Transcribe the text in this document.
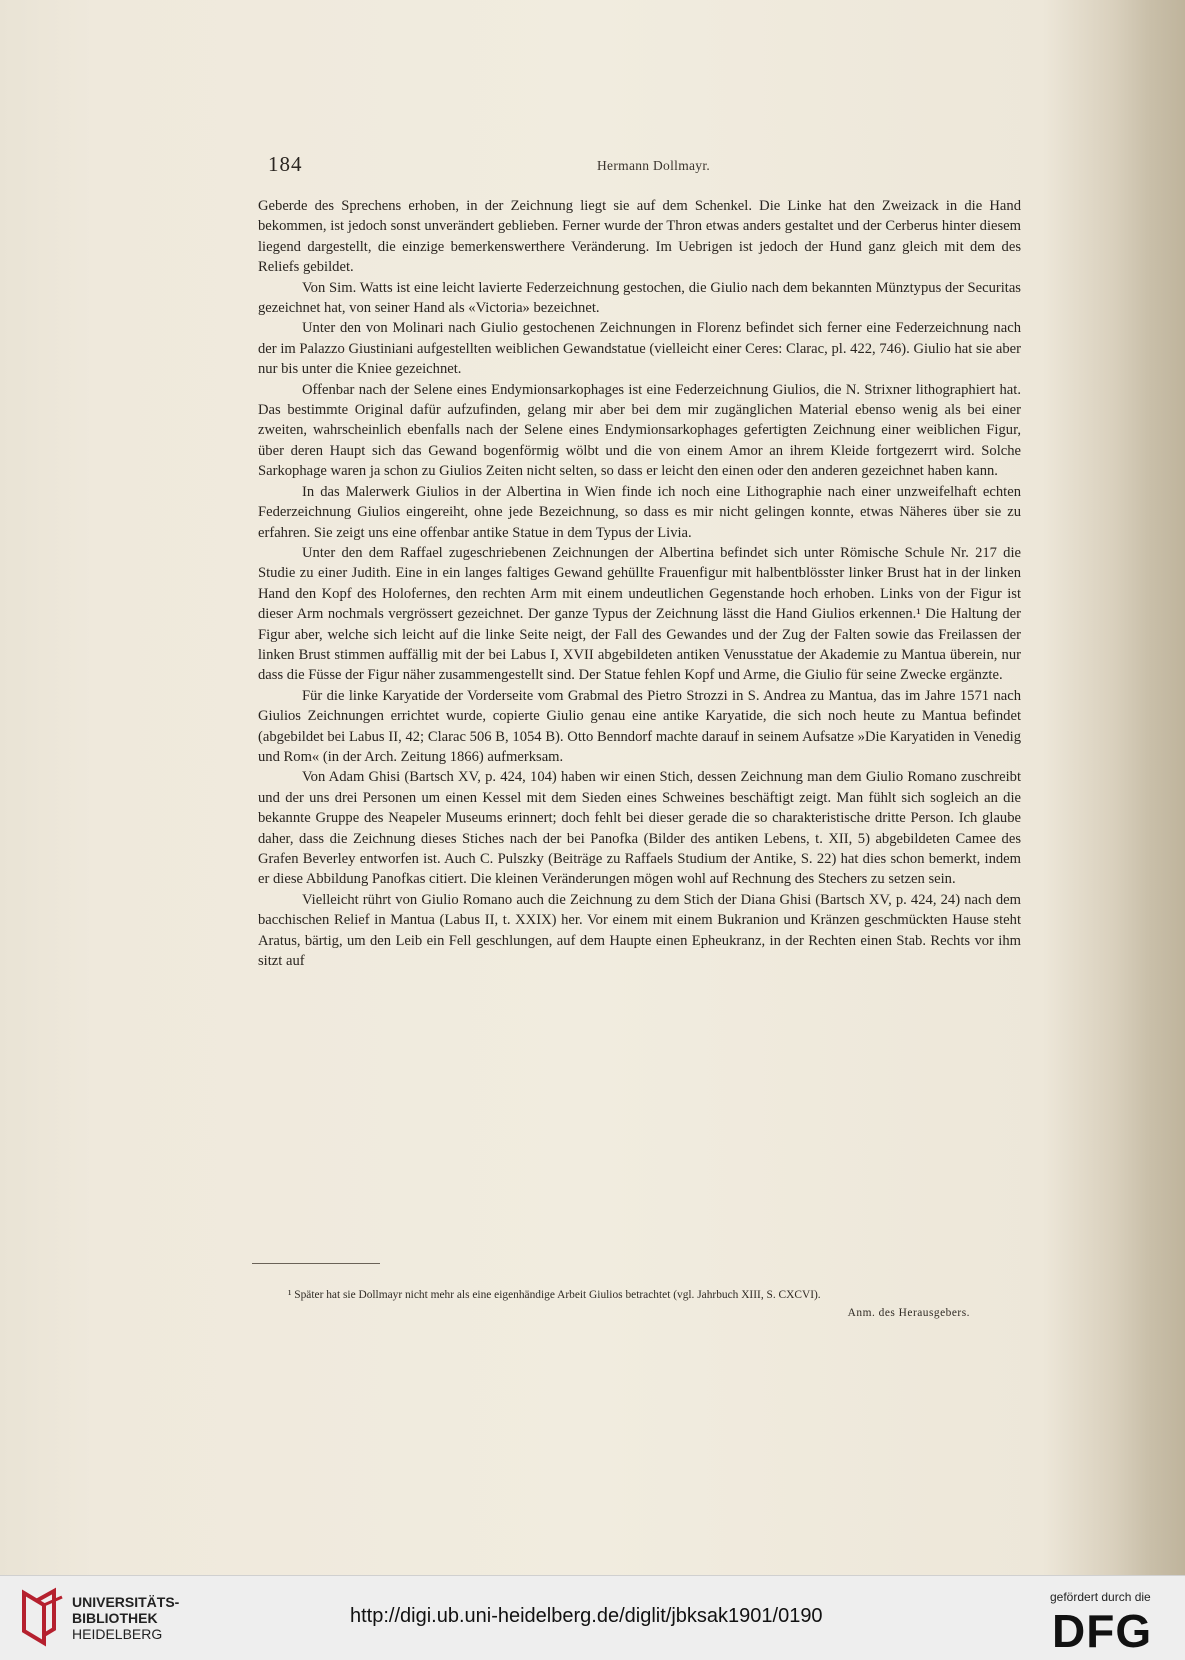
184	Hermann Dollmayr.

Geberde des Sprechens erhoben, in der Zeichnung liegt sie auf dem Schenkel. Die Linke hat den Zweizack in die Hand bekommen, ist jedoch sonst unverändert geblieben. Ferner wurde der Thron etwas anders gestaltet und der Cerberus hinter diesem liegend dargestellt, die einzige bemerkenswerthere Veränderung. Im Uebrigen ist jedoch der Hund ganz gleich mit dem des Reliefs gebildet.

Von Sim. Watts ist eine leicht lavierte Federzeichnung gestochen, die Giulio nach dem bekannten Münztypus der Securitas gezeichnet hat, von seiner Hand als «Victoria» bezeichnet.

Unter den von Molinari nach Giulio gestochenen Zeichnungen in Florenz befindet sich ferner eine Federzeichnung nach der im Palazzo Giustiniani aufgestellten weiblichen Gewandstatue (vielleicht einer Ceres: Clarac, pl. 422, 746). Giulio hat sie aber nur bis unter die Kniee gezeichnet.

Offenbar nach der Selene eines Endymionsarkophages ist eine Federzeichnung Giulios, die N. Strixner lithographiert hat. Das bestimmte Original dafür aufzufinden, gelang mir aber bei dem mir zugänglichen Material ebenso wenig als bei einer zweiten, wahrscheinlich ebenfalls nach der Selene eines Endymionsarkophages gefertigten Zeichnung einer weiblichen Figur, über deren Haupt sich das Gewand bogenförmig wölbt und die von einem Amor an ihrem Kleide fortgezerrt wird. Solche Sarkophage waren ja schon zu Giulios Zeiten nicht selten, so dass er leicht den einen oder den anderen gezeichnet haben kann.

In das Malerwerk Giulios in der Albertina in Wien finde ich noch eine Lithographie nach einer unzweifelhaft echten Federzeichnung Giulios eingereiht, ohne jede Bezeichnung, so dass es mir nicht gelingen konnte, etwas Näheres über sie zu erfahren. Sie zeigt uns eine offenbar antike Statue in dem Typus der Livia.

Unter den dem Raffael zugeschriebenen Zeichnungen der Albertina befindet sich unter Römische Schule Nr. 217 die Studie zu einer Judith. Eine in ein langes faltiges Gewand gehüllte Frauenfigur mit halbentblösster linker Brust hat in der linken Hand den Kopf des Holofernes, den rechten Arm mit einem undeutlichen Gegenstande hoch erhoben. Links von der Figur ist dieser Arm nochmals vergrössert gezeichnet. Der ganze Typus der Zeichnung lässt die Hand Giulios erkennen.¹ Die Haltung der Figur aber, welche sich leicht auf die linke Seite neigt, der Fall des Gewandes und der Zug der Falten sowie das Freilassen der linken Brust stimmen auffällig mit der bei Labus I, XVII abgebildeten antiken Venusstatue der Akademie zu Mantua überein, nur dass die Füsse der Figur näher zusammengestellt sind. Der Statue fehlen Kopf und Arme, die Giulio für seine Zwecke ergänzte.

Für die linke Karyatide der Vorderseite vom Grabmal des Pietro Strozzi in S. Andrea zu Mantua, das im Jahre 1571 nach Giulios Zeichnungen errichtet wurde, copierte Giulio genau eine antike Karyatide, die sich noch heute zu Mantua befindet (abgebildet bei Labus II, 42; Clarac 506 B, 1054 B). Otto Benndorf machte darauf in seinem Aufsatze »Die Karyatiden in Venedig und Rom« (in der Arch. Zeitung 1866) aufmerksam.

Von Adam Ghisi (Bartsch XV, p. 424, 104) haben wir einen Stich, dessen Zeichnung man dem Giulio Romano zuschreibt und der uns drei Personen um einen Kessel mit dem Sieden eines Schweines beschäftigt zeigt. Man fühlt sich sogleich an die bekannte Gruppe des Neapeler Museums erinnert; doch fehlt bei dieser gerade die so charakteristische dritte Person. Ich glaube daher, dass die Zeichnung dieses Stiches nach der bei Panofka (Bilder des antiken Lebens, t. XII, 5) abgebildeten Camee des Grafen Beverley entworfen ist. Auch C. Pulszky (Beiträge zu Raffaels Studium der Antike, S. 22) hat dies schon bemerkt, indem er diese Abbildung Panofkas citiert. Die kleinen Veränderungen mögen wohl auf Rechnung des Stechers zu setzen sein.

Vielleicht rührt von Giulio Romano auch die Zeichnung zu dem Stich der Diana Ghisi (Bartsch XV, p. 424, 24) nach dem bacchischen Relief in Mantua (Labus II, t. XXIX) her. Vor einem mit einem Bukranion und Kränzen geschmückten Hause steht Aratus, bärtig, um den Leib ein Fell geschlungen, auf dem Haupte einen Epheukranz, in der Rechten einen Stab. Rechts vor ihm sitzt auf

¹ Später hat sie Dollmayr nicht mehr als eine eigenhändige Arbeit Giulios betrachtet (vgl. Jahrbuch XIII, S. CXCVI).
Anm. des Herausgebers.
UNIVERSITÄTS-
BIBLIOTHEK
HEIDELBERG
http://digi.ub.uni-heidelberg.de/diglit/jbksak1901/0190
gefördert durch die
DFG
